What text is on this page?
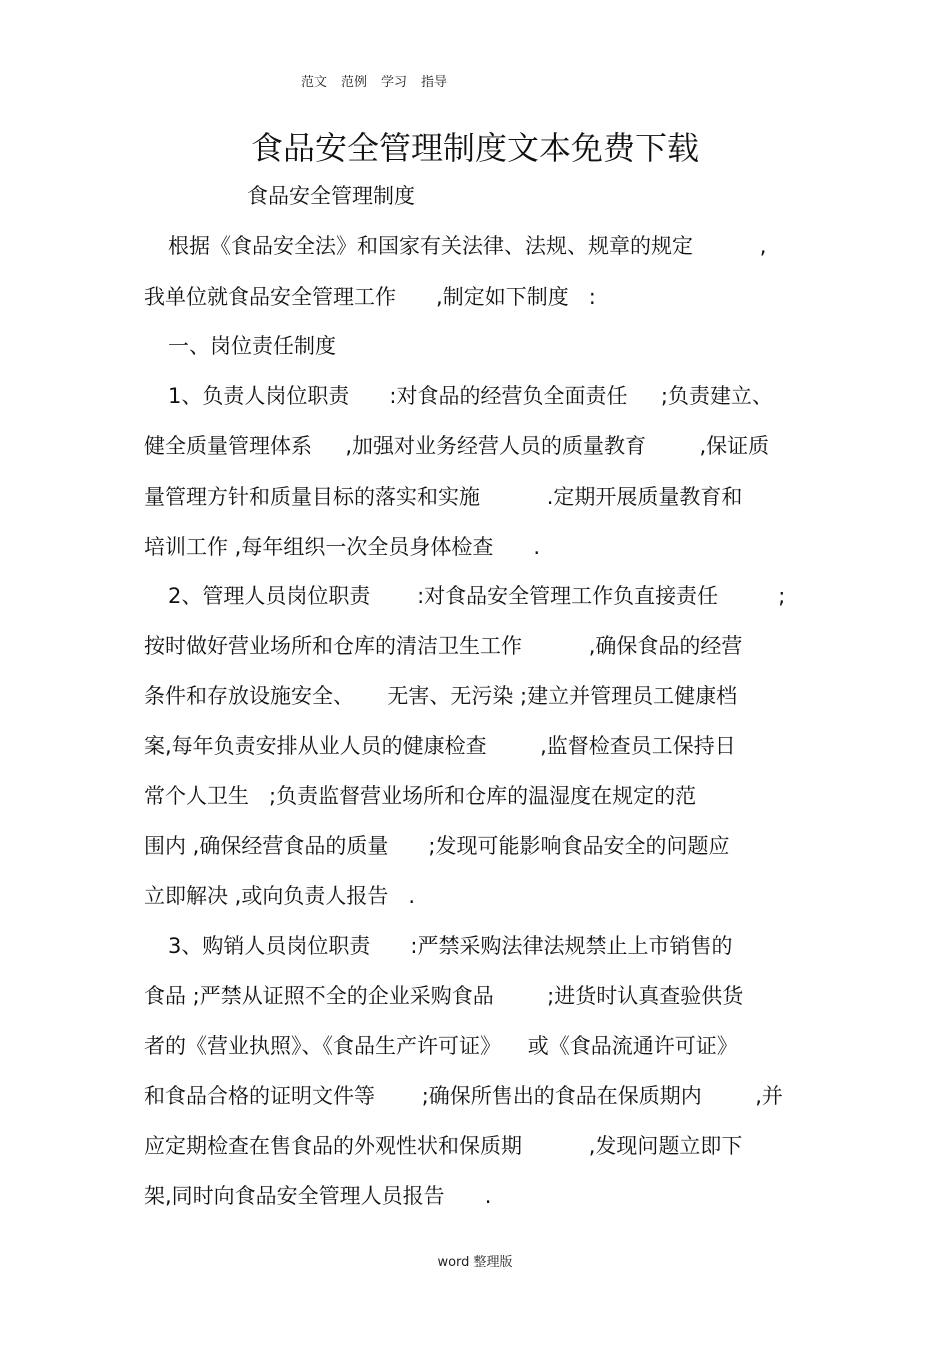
范文 范例 学习 指导
食品安全管理制度文本免费下载
食品安全管理制度
根据《食品安全法》和国家有关法律、法规、规章的规定          ,
我单位就食品安全管理工作      ,制定如下制度   :
一、岗位责任制度
1、负责人岗位职责      :对食品的经营负全面责任     ;负责建立、
健全质量管理体系     ,加强对业务经营人员的质量教育        ,保证质
量管理方针和质量目标的落实和实施          .定期开展质量教育和
培训工作 ,每年组织一次全员身体检查      .
2、管理人员岗位职责       :对食品安全管理工作负直接责任         ;
按时做好营业场所和仓库的清洁卫生工作          ,确保食品的经营
条件和存放设施安全、     无害、无污染 ;建立并管理员工健康档
案,每年负责安排从业人员的健康检查        ,监督检查员工保持日
常个人卫生   ;负责监督营业场所和仓库的温湿度在规定的范
围内 ,确保经营食品的质量      ;发现可能影响食品安全的问题应
立即解决 ,或向负责人报告   .
3、购销人员岗位职责      :严禁采购法律法规禁止上市销售的
食品 ;严禁从证照不全的企业采购食品        ;进货时认真查验供货
者的《营业执照》、《食品生产许可证》    或《食品流通许可证》
和食品合格的证明文件等       ;确保所售出的食品在保质期内        ,并
应定期检查在售食品的外观性状和保质期          ,发现问题立即下
架,同时向食品安全管理人员报告      .
word 整理版
